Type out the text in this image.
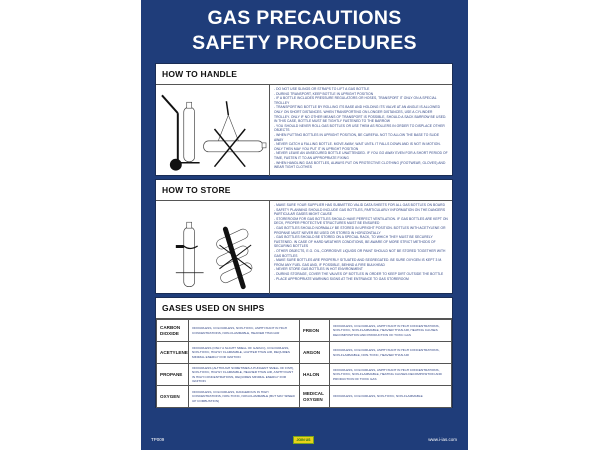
GAS PRECAUTIONS
SAFETY PROCEDURES
HOW TO HANDLE
- DO NOT USE SLINGS OR STRAPS TO LIFT A GAS BOTTLE
- DURING TRANSPORT, KEEP BOTTLE IN UPRIGHT POSITION
- IF A BOTTLE INCLUDES PRESSURE REGULATORS OR HOSES, TRANSPORT IT ONLY ON A SPECIAL TROLLEY
- TRANSPORTING BOTTLE BY ROLLING ITS BASE AND HOLDING ITS VALVE AT AN ANGLE IS ALLOWED ONLY ON SHORT DISTANCES. WHEN TRANSPORTING ON LONGER DISTANCES, USE A CYLINDER TROLLEY. ONLY IF NO OTHER MEANS OF TRANSPORT IS POSSIBLE, SHOULD A SACK BARROW BE USED. IN THIS CASE, BOTTLE MUST BE TIGHTLY FASTENED TO THE BARROW
- YOU SHOULD NEVER ROLL GAS BOTTLES OR USE THEM AS ROLLERS IN ORDER TO DISPLACE OTHER OBJECTS
- WHEN PUTTING BOTTLES IN UPRIGHT POSITION, BE CAREFUL NOT TO ALLOW THE BASE TO SLIDE AWAY
- NEVER CATCH A FALLING BOTTLE. MOVE AWAY, WAIT UNTIL IT FALLS DOWN AND IS NOT IN MOTION. ONLY THEN MAY YOU PUT IT IN UPRIGHT POSITION
- NEVER LEAVE AN UNSECURED BOTTLE UNATTENDED. IF YOU GO AWAY EVEN FOR A SHORT PERIOD OF TIME, FASTEN IT TO AN APPROPRIATE FIXING
- WHEN HANDLING GAS BOTTLES, ALWAYS PUT ON PROTECTIVE CLOTHING (FOOTWEAR, GLOVES) AND WEAR TIGHT CLOTHES
HOW TO STORE
- MAKE SURE YOUR SUPPLIER HAS SUBMITTED VALID DATA SHEETS FOR ALL GAS BOTTLES ON BOARD
- SAFETY PLANNING SHOULD INCLUDE GAS BOTTLES, PARTICULARLY INFORMATION ON THE DANGERS PARTICULAR GASES MIGHT CAUSE
- STOREROOM FOR GAS BOTTLES SHOULD HAVE PERFECT VENTILATION. IF GAS BOTTLES ARE KEPT ON DECK, PROPER PROTECTIVE STRUCTURES MUST BE ENSURED
- GAS BOTTLES SHOULD NORMALLY BE STORED IN UPRIGHT POSITION. BOTTLES WITH ACETYLENE OR PROPANE MUST NEVER BE USED OR STORED IN HORIZONTALLY
- GAS BOTTLES SHOULD BE STORED ON A SPECIAL RACK, TO WHICH THEY MUST BE SECURELY FASTENED. IN CASE OF HARD WEATHER CONDITIONS, BE AWARE OF MORE STRICT METHODS OF SECURING BOTTLES
- OTHER OBJECTS, E.G. OIL, CORROSIVE LIQUIDS OR PAINT SHOULD NOT BE STORED TOGETHER WITH GAS BOTTLES
- MAKE SURE BOTTLES ARE PROPERLY SITUATED AND SEGREGATED. BE SURE OXYGEN IS KEPT 3 M. FROM ANY FUEL GAS AND, IF POSSIBLE, BEHIND A FIRE BULKHEAD
- NEVER STORE GAS BOTTLES IN HOT ENVIRONMENT
- DURING STORAGE, COVER THE VALVES OF BOTTLES IN ORDER TO KEEP DIRT OUTSIDE THE BOTTLE
- PLACE APPROPRIATE WARNING SIGNS AT THE ENTRANCE TO GAS STOREROOM
GASES USED ON SHIPS
CARBON DIOXIDE	ODOURLESS, COLOURLESS, NON-TOXIC, ASPHYXIANT IN HIGH CONCENTRATIONS, NON-FLAMMABLE, HEAVIER THAN AIR	FREON	ODOURLESS, COLOURLESS, ASPHYXIANT IN HIGH CONCENTRATIONS, NON-TOXIC, NON-FLAMMABLE, HEAVIER THAN AIR, HEATING CAUSES DECOMPOSITION AND PRODUCTION OF TOXIC GAS
ACETYLENE	ODOURLESS (ONLY A SLIGHT SMELL OF GARLIC), COLOURLESS, NON-TOXIC, HIGHLY FLAMMABLE, LIGHTER THAN AIR, REQUIRES MINIMAL ENERGY FOR IGNITION	ARGON	ODOURLESS, COLOURLESS, ASPHYXIANT IN HIGH CONCENTRATIONS, NON-FLAMMABLE, NON-TOXIC, HEAVIER THAN AIR
PROPANE	ODOURLESS (ALTHOUGH SOMETIMES A PUNGENT SMELL OF FISH), NON-TOXIC, HIGHLY FLAMMABLE, HEAVIER THAN AIR, ASPHYXIANT IN HIGH CONCENTRATIONS, REQUIRES MINIMAL ENERGY FOR IGNITION	HALON	ODOURLESS, COLOURLESS, ASPHYXIANT IN HIGH CONCENTRATIONS, NON-TOXIC, NON-FLAMMABLE, HEATING CAUSES DECOMPOSITION AND PRODUCTION OF TOXIC GAS
OXYGEN	ODOURLESS, COLOURLESS, DANGEROUS IN HIGH CONCENTRATIONS, NON-TOXIC, NON-FLAMMABLE (BUT MAY SPEED UP COMBUSTION)	MEDICAL OXYGEN	ODOURLESS, COLOURLESS, NON-TOXIC, NON-FLAMMABLE
TP009	JOIN US	www.i-ias.com
